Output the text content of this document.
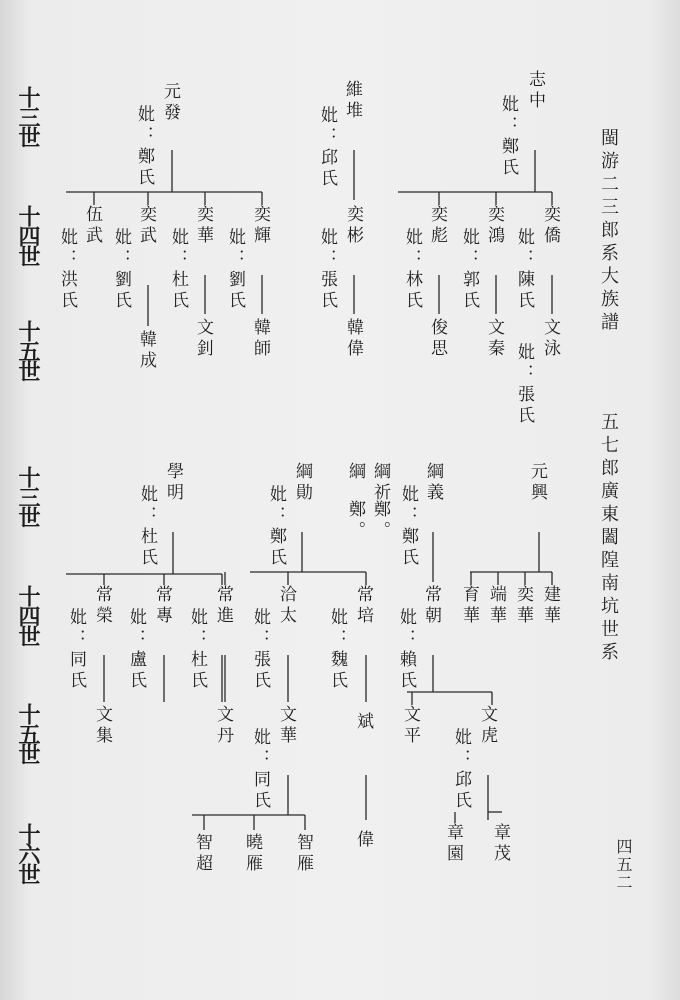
閩游二三郎系大族譜
五七郎廣東闔隍南坑世系
四五二
十三世
十四世
十五世
十三世
十四世
十五世
十六世
志中
妣：鄭氏
維堆
妣：邱氏
元發
妣：鄭氏
奕僑
妣：陳氏
奕鴻
妣：郭氏
奕彪
妣：林氏
奕彬
妣：張氏
奕輝
妣：劉氏
奕華
妣：杜氏
奕武
妣：劉氏
伍武
妣：洪氏
文泳
妣：張氏
文秦
俊思
韓偉
韓師
文釗
韓成
元興
綱義
妣：鄭氏
綱祈
綱
鄭。 鄭。
綱勛
妣：鄭氏
學明
妣：杜氏
建華
奕華
端華
育華
常朝
妣：賴氏
常培
妣：魏氏
洽太
妣：張氏
常進
妣：杜氏
常專
妣：盧氏
常榮
妣：同氏
文虎
妣：邱氏
文平
斌
文華
妣：同氏
文丹
文集
章茂
章園
偉
智雁
曉雁
智超
